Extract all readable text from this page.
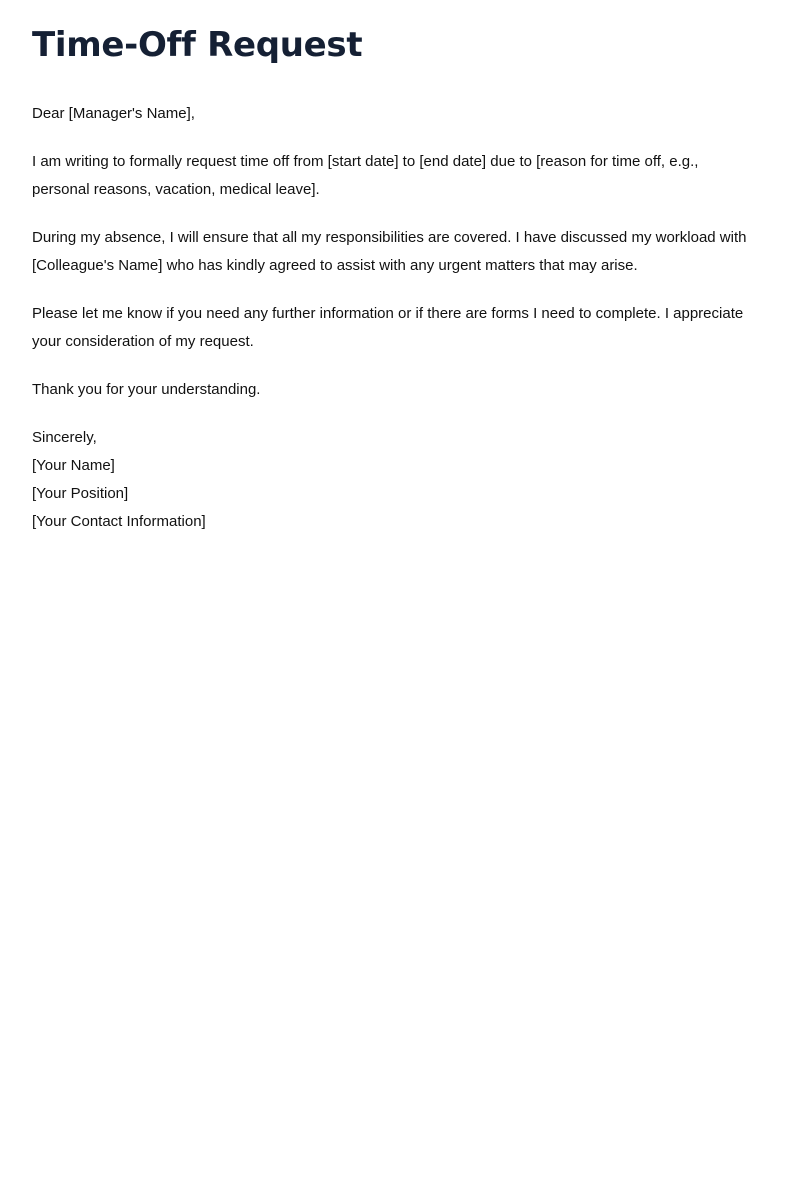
Time-Off Request

Dear [Manager's Name],

I am writing to formally request time off from [start date] to [end date] due to [reason for time off, e.g., personal reasons, vacation, medical leave].

During my absence, I will ensure that all my responsibilities are covered. I have discussed my workload with [Colleague's Name] who has kindly agreed to assist with any urgent matters that may arise.

Please let me know if you need any further information or if there are forms I need to complete. I appreciate your consideration of my request.

Thank you for your understanding.

Sincerely,

[Your Name]

[Your Position]

[Your Contact Information]
